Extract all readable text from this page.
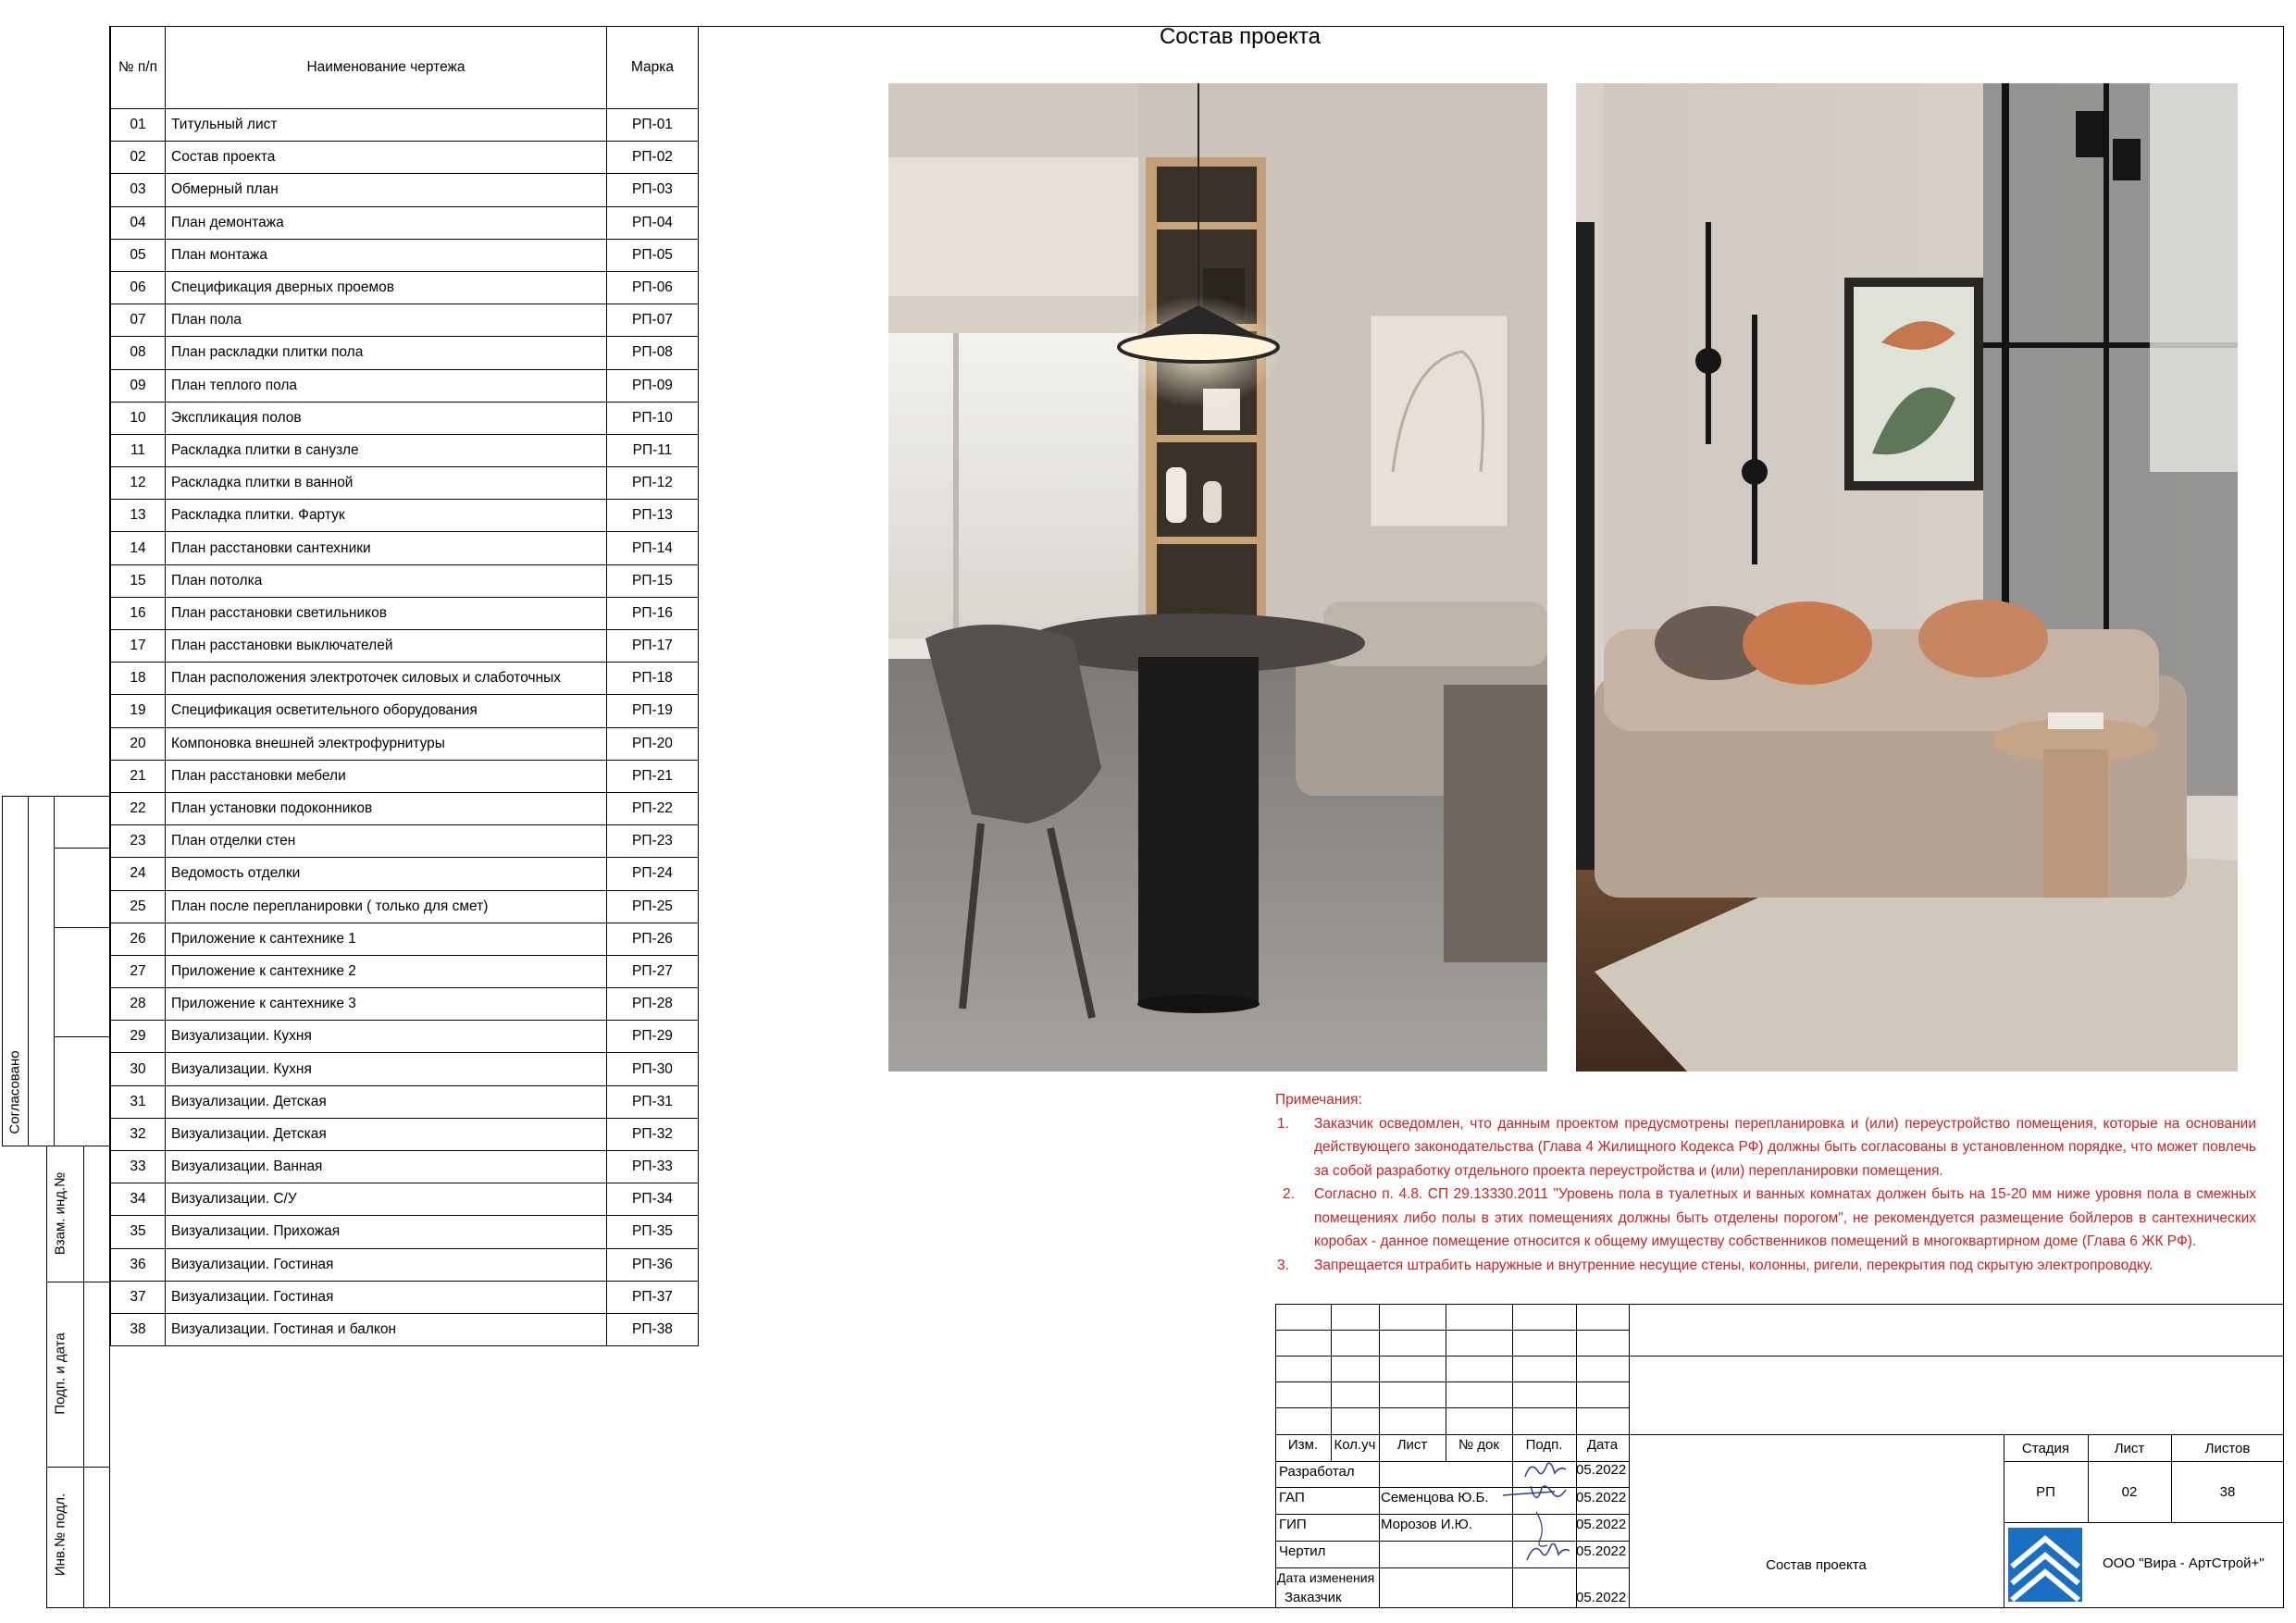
Состав проекта
№ п/п	Наименование чертежа	Марка
01	Титульный лист	РП-01
02	Состав проекта	РП-02
03	Обмерный план	РП-03
04	План демонтажа	РП-04
05	План монтажа	РП-05
06	Спецификация дверных проемов	РП-06
07	План пола	РП-07
08	План раскладки плитки пола	РП-08
09	План теплого пола	РП-09
10	Экспликация полов	РП-10
11	Раскладка плитки в санузле	РП-11
12	Раскладка плитки в ванной	РП-12
13	Раскладка плитки. Фартук	РП-13
14	План расстановки сантехники	РП-14
15	План потолка	РП-15
16	План расстановки светильников	РП-16
17	План расстановки выключателей	РП-17
18	План расположения электроточек силовых и слаботочных	РП-18
19	Спецификация осветительного оборудования	РП-19
20	Компоновка внешней электрофурнитуры	РП-20
21	План расстановки мебели	РП-21
22	План установки подоконников	РП-22
23	План отделки стен	РП-23
24	Ведомость отделки	РП-24
25	План после перепланировки ( только для смет)	РП-25
26	Приложение к сантехнике 1	РП-26
27	Приложение к сантехнике 2	РП-27
28	Приложение к сантехнике 3	РП-28
29	Визуализации. Кухня	РП-29
30	Визуализации. Кухня	РП-30
31	Визуализации. Детская	РП-31
32	Визуализации. Детская	РП-32
33	Визуализации. Ванная	РП-33
34	Визуализации. С/У	РП-34
35	Визуализации. Прихожая	РП-35
36	Визуализации. Гостиная	РП-36
37	Визуализации. Гостиная	РП-37
38	Визуализации. Гостиная и балкон	РП-38
Согласовано
Взам. инд.№
Подп. и дата
Инв.№ подл.
Примечания:
1.	Заказчик осведомлен, что данным проектом предусмотрены перепланировка и (или) переустройство помещения, которые на основании действующего законодательства (Глава 4 Жилищного Кодекса РФ) должны быть согласованы в установленном порядке, что может повлечь за собой разработку отдельного проекта переустройства и (или) перепланировки помещения.
2.	Согласно п. 4.8. СП 29.13330.2011 "Уровень пола в туалетных и ванных комнатах должен быть на 15-20 мм ниже уровня пола в смежных помещениях либо полы в этих помещениях должны быть отделены порогом", не рекомендуется размещение бойлеров в сантехнических коробах - данное помещение относится к общему имуществу собственников помещений в многоквартирном доме (Глава 6 ЖК РФ).
3.	Запрещается штрабить наружные и внутренние несущие стены, колонны, ригели, перекрытия под скрытую электропроводку.
Изм.	Кол.уч	Лист	№ док	Подп.	Дата
Разработал	05.2022
ГАП	Семенцова Ю.Б.	05.2022
ГИП	Морозов И.Ю.	05.2022
Чертил	05.2022
Дата изменения
Заказчик	05.2022
Состав проекта
Стадия	Лист	Листов
РП	02	38
ООО "Вира - АртСтрой+"
